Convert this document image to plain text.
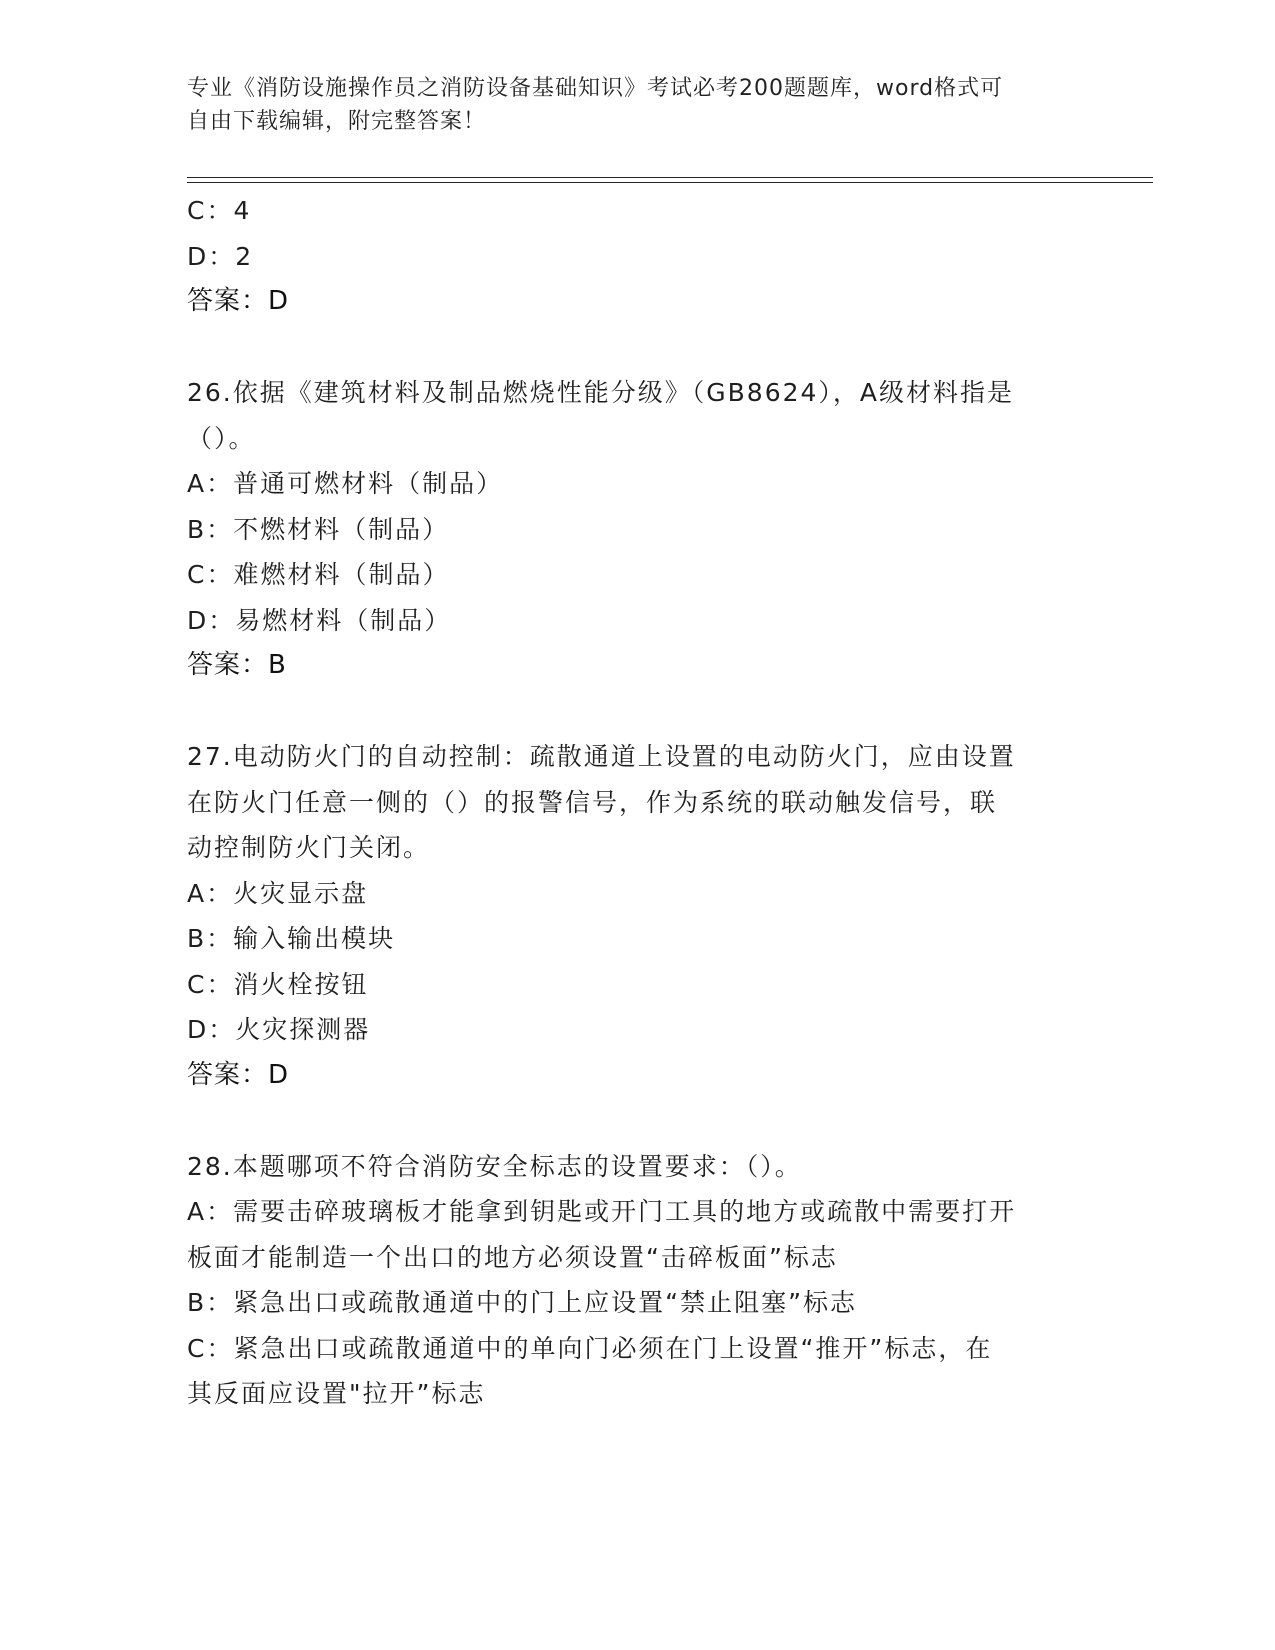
专业《消防设施操作员之消防设备基础知识》考试必考200题题库，word格式可
自由下载编辑，附完整答案！
C：4
D：2
答案：D
26.依据《建筑材料及制品燃烧性能分级》（GB8624），A级材料指是
（）。
A：普通可燃材料（制品）
B：不燃材料（制品）
C：难燃材料（制品）
D：易燃材料（制品）
答案：B
27.电动防火门的自动控制：疏散通道上设置的电动防火门，应由设置
在防火门任意一侧的（）的报警信号，作为系统的联动触发信号，联
动控制防火门关闭。
A：火灾显示盘
B：输入输出模块
C：消火栓按钮
D：火灾探测器
答案：D
28.本题哪项不符合消防安全标志的设置要求：（）。
A：需要击碎玻璃板才能拿到钥匙或开门工具的地方或疏散中需要打开
板面才能制造一个出口的地方必须设置“击碎板面”标志
B：紧急出口或疏散通道中的门上应设置“禁止阻塞”标志
C：紧急出口或疏散通道中的单向门必须在门上设置“推开”标志，在
其反面应设置"拉开”标志
